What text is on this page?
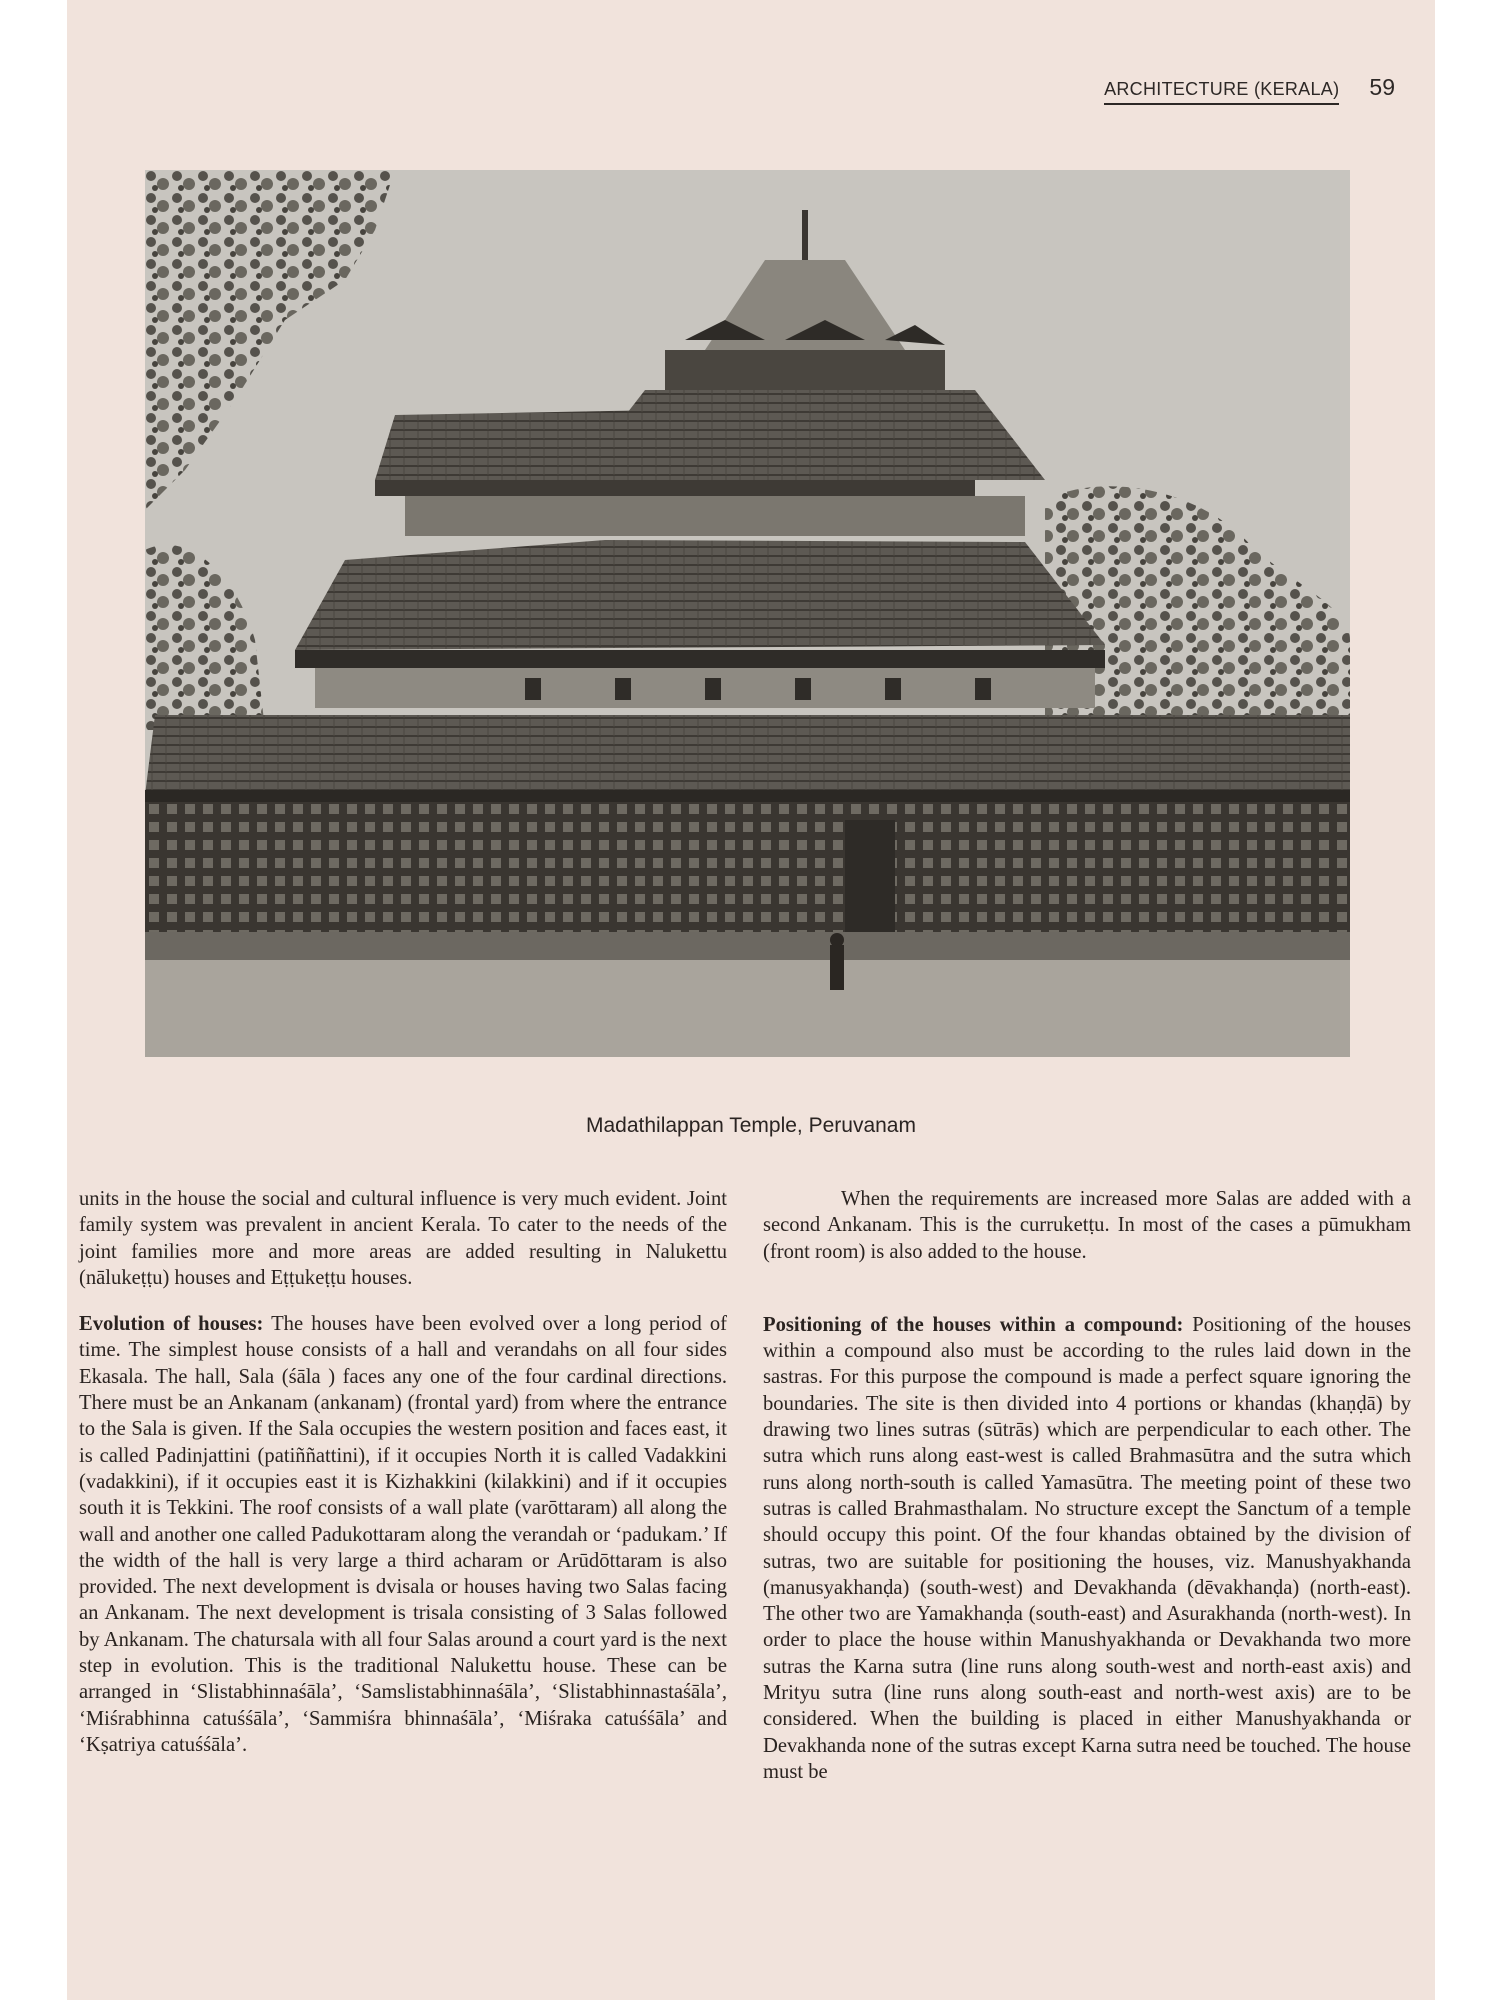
ARCHITECTURE (KERALA) 59
Madathilappan Temple, Peruvanam

units in the house the social and cultural influence is very much evident. Joint family system was prevalent in ancient Kerala. To cater to the needs of the joint families more and more areas are added resulting in Nalukettu (nālukeṭṭu) houses and Eṭṭukeṭṭu houses.

Evolution of houses: The houses have been evolved over a long period of time. The simplest house consists of a hall and verandahs on all four sides Ekasala. The hall, Sala (śāla ) faces any one of the four cardinal directions. There must be an Ankanam (ankanam) (frontal yard) from where the entrance to the Sala is given. If the Sala occupies the western position and faces east, it is called Padinjattini (patiññattini), if it occupies North it is called Vadakkini (vadakkini), if it occupies east it is Kizhakkini (kilakkini) and if it occupies south it is Tekkini. The roof consists of a wall plate (varōttaram) all along the wall and another one called Padukottaram along the verandah or ‘padukam.’ If the width of the hall is very large a third acharam or Arūdōttaram is also provided. The next development is dvisala or houses having two Salas facing an Ankanam. The next development is trisala consisting of 3 Salas followed by Ankanam. The chatursala with all four Salas around a court yard is the next step in evolution. This is the traditional Nalukettu house. These can be arranged in ‘Slistabhinnaśāla’, ‘Samslistabhinnaśāla’, ‘Slistabhinnastaśāla’, ‘Miśrabhinna catuśśāla’, ‘Sammiśra bhinnaśāla’, ‘Miśraka catuśśāla’ and ‘Kṣatriya catuśśāla’.

When the requirements are increased more Salas are added with a second Ankanam. This is the curruketṭu. In most of the cases a pūmukham (front room) is also added to the house.

Positioning of the houses within a compound: Positioning of the houses within a compound also must be according to the rules laid down in the sastras. For this purpose the compound is made a perfect square ignoring the boundaries. The site is then divided into 4 portions or khandas (khaṇḍā) by drawing two lines sutras (sūtrās) which are perpendicular to each other. The sutra which runs along east-west is called Brahmasūtra and the sutra which runs along north-south is called Yamasūtra. The meeting point of these two sutras is called Brahmasthalam. No structure except the Sanctum of a temple should occupy this point. Of the four khandas obtained by the division of sutras, two are suitable for positioning the houses, viz. Manushyakhanda (manusyakhanḍa) (south-west) and Devakhanda (dēvakhanḍa) (north-east). The other two are Yamakhanḍa (south-east) and Asurakhanda (north-west). In order to place the house within Manushyakhanda or Devakhanda two more sutras the Karna sutra (line runs along south-west and north-east axis) and Mrityu sutra (line runs along south-east and north-west axis) are to be considered. When the building is placed in either Manushyakhanda or Devakhanda none of the sutras except Karna sutra need be touched. The house must be
